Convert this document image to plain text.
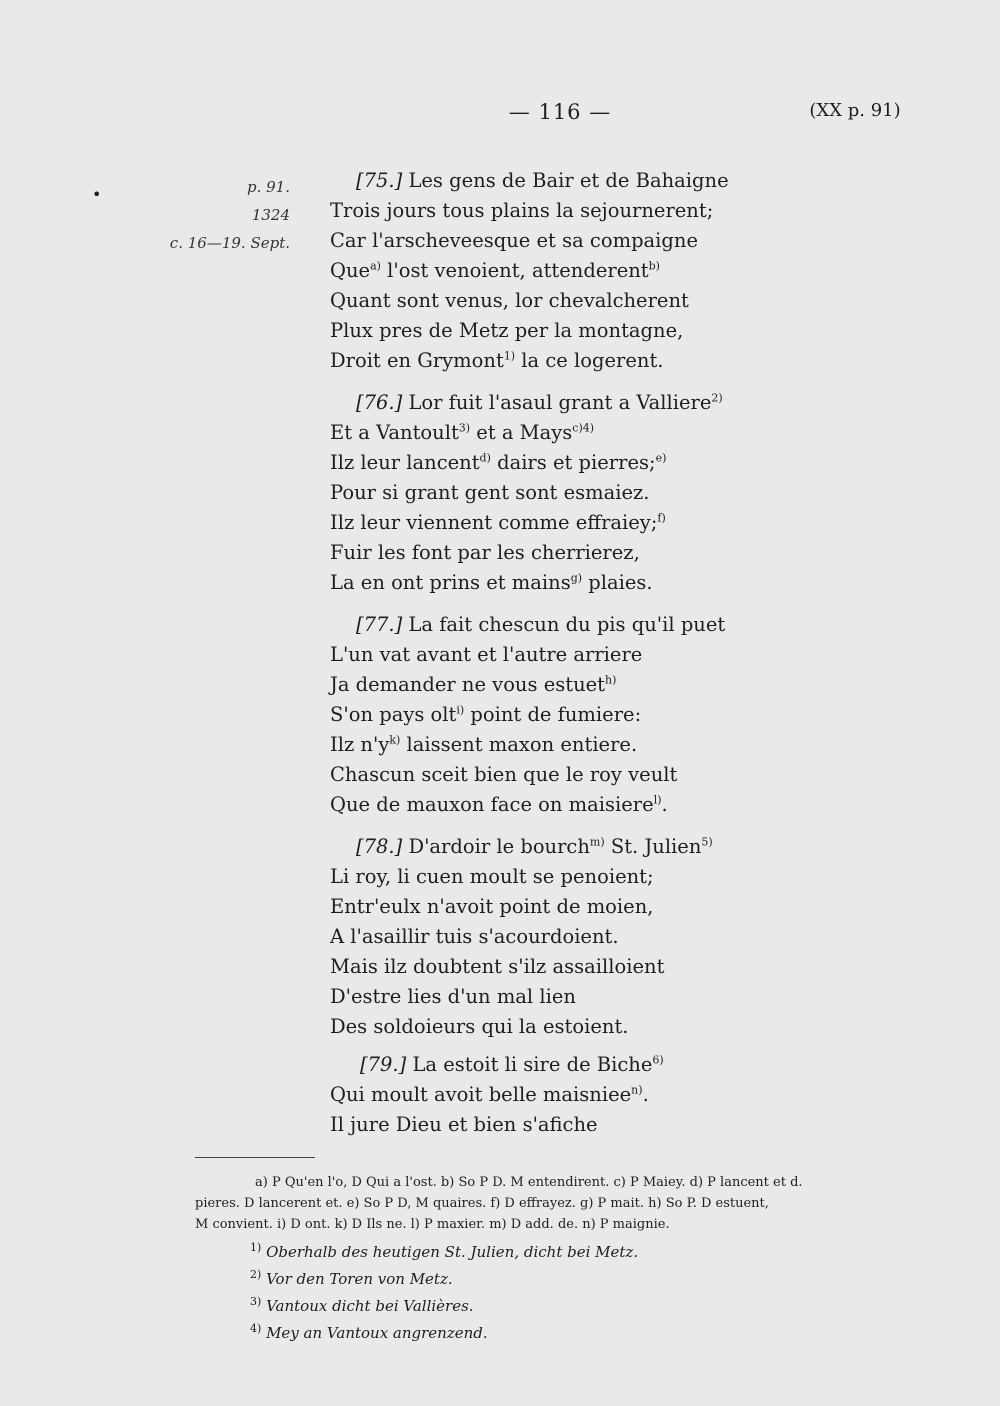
•
— 116 —	(XX p. 91)
p. 91.
1324
c. 16—19. Sept.
[75.] Les gens de Bair et de Bahaigne
Trois jours tous plains la sejournerent;
Car l'arscheveesque et sa compaigne
Que$^{a)}$ l'ost venoient, attenderent$^{b)}$
Quant sont venus, lor chevalcherent
Plux pres de Metz per la montagne,
Droit en Grymont$^{1)}$ la ce logerent.
[76.] Lor fuit l'asaul grant a Valliere$^{2)}$
Et a Vantoult$^{3)}$ et a Mays$^{c)4)}$
Ilz leur lancent$^{d)}$ dairs et pierres;$^{e)}$
Pour si grant gent sont esmaiez.
Ilz leur viennent comme effraiey;$^{f)}$
Fuir les font par les cherrierez,
La en ont prins et mains$^{g)}$ plaies.
[77.] La fait chescun du pis qu'il puet
L'un vat avant et l'autre arriere
Ja demander ne vous estuet$^{h)}$
S'on pays olt$^{i)}$ point de fumiere:
Ilz $n'y^{k)}$ laissent maxon entiere.
Chascun sceit bien que le roy veult
Que de mauxon face on maisiere$^{l)}$.
[78.] D'ardoir le bourch$^{m)}$ St. Julien$^{5)}$
Li roy, li cuen moult se penoient;
Entr'eulx n'avoit point de moien,
A l'asaillir tuis s'acourdoient.
Mais ilz doubtent s'ilz assailloient
D'estre lies d'un mal lien
Des soldoieurs qui la estoient.
[79.] La estoit li sire de Biche$^{6)}$
Qui moult avoit belle maisniee$^{n)}$.
Il jure Dieu et bien s'afiche
a) P Qu'en l'o, D Qui a l'ost. b) So P D. M entendirent. c) P Maiey. d) P lancent et d.
pieres. D lancerent et. e) So P D, M quaires. f) D effrayez. g) P mait. h) So P. D estuent,
M convient. i) D ont. k) D Ils ne. l) P maxier. m) D add. de. n) P maignie.
$^{1)}$ Oberhalb des heutigen St. Julien, dicht bei Metz.
$^{2)}$ Vor den Toren von Metz.
$^{3)}$ Vantoux dicht bei Vallières.
$^{4)}$ Mey an Vantoux angrenzend.
